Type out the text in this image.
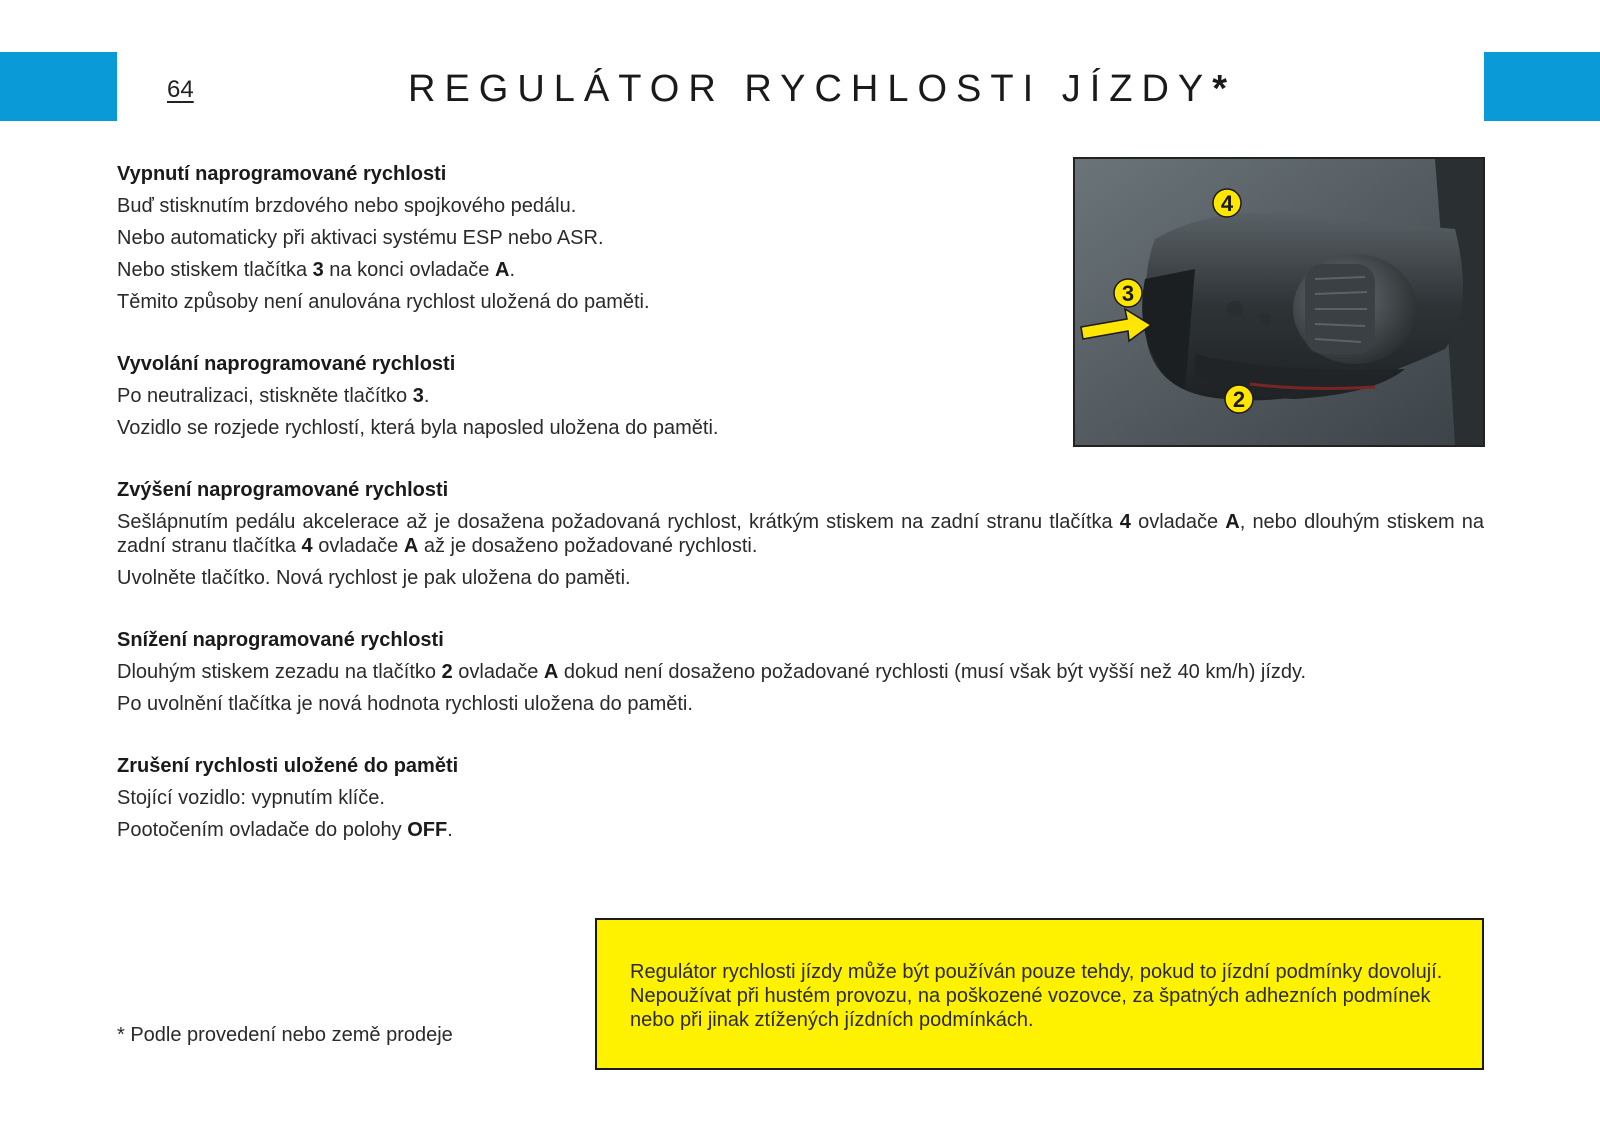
64	REGULÁTOR RYCHLOSTI JÍZDY*
4
3
2
Vypnutí naprogramované rychlosti

Buď stisknutím brzdového nebo spojkového pedálu.

Nebo automaticky při aktivaci systému ESP nebo ASR.

Nebo stiskem tlačítka 3 na konci ovladače A.

Těmito způsoby není anulována rychlost uložená do paměti.

Vyvolání naprogramované rychlosti

Po neutralizaci, stiskněte tlačítko 3.

Vozidlo se rozjede rychlostí, která byla naposled uložena do paměti.

Zvýšení naprogramované rychlosti

Sešlápnutím pedálu akcelerace až je dosažena požadovaná rychlost, krátkým stiskem na zadní stranu tlačítka 4 ovladače A, nebo dlouhým stiskem na zadní stranu tlačítka 4 ovladače A až je dosaženo požadované rychlosti.

Uvolněte tlačítko. Nová rychlost je pak uložena do paměti.

Snížení naprogramované rychlosti

Dlouhým stiskem zezadu na tlačítko 2 ovladače A dokud není dosaženo požadované rychlosti (musí však být vyšší než 40 km/h) jízdy.

Po uvolnění tlačítka je nová hodnota rychlosti uložena do paměti.

Zrušení rychlosti uložené do paměti

Stojící vozidlo: vypnutím klíče.

Pootočením ovladače do polohy OFF.

* Podle provedení nebo země prodeje

Regulátor rychlosti jízdy může být používán pouze tehdy, pokud to jízdní podmínky dovolují. Nepoužívat při hustém provozu, na poškozené vozovce, za špatných adhezních podmínek nebo při jinak ztížených jízdních podmínkách.
